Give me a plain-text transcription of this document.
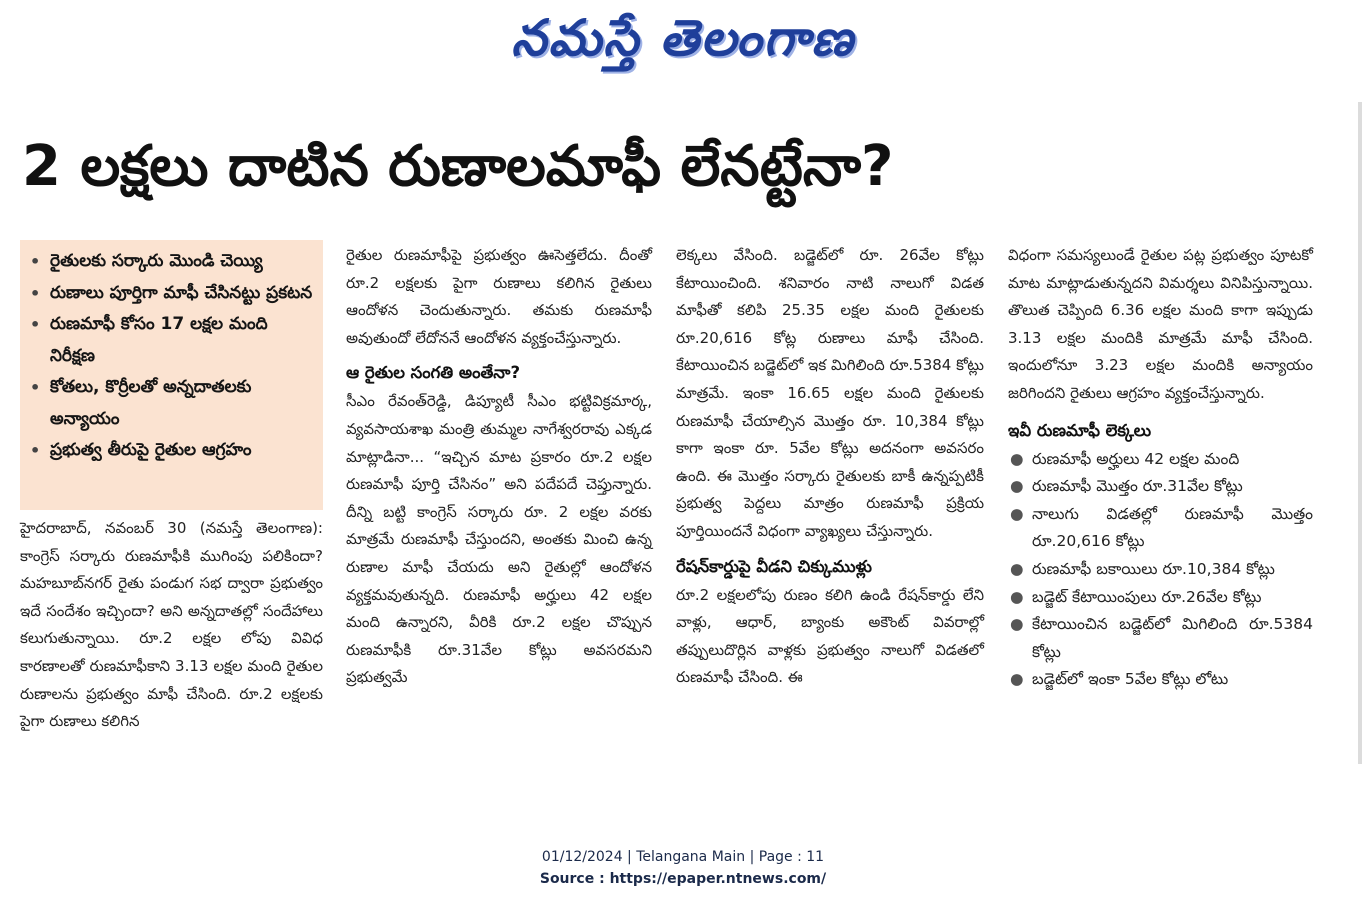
నమస్తే తెలంగాణ
2 లక్షలు దాటిన రుణాలమాఫీ లేనట్టేనా?
• రైతులకు సర్కారు మొండి చెయ్యి
• రుణాలు పూర్తిగా మాఫీ చేసినట్టు ప్రకటన
• రుణమాఫీ కోసం 17 లక్షల మంది నిరీక్షణ
• కోతలు, కొర్రీలతో అన్నదాతలకు అన్యాయం
• ప్రభుత్వ తీరుపై రైతుల ఆగ్రహం

హైదరాబాద్, నవంబర్ 30 (నమస్తే తెలంగాణ): కాంగ్రెస్ సర్కారు రుణమాఫీకి ముగింపు పలికిందా? మహబూబ్‌నగర్ రైతు పండుగ సభ ద్వారా ప్రభుత్వం ఇదే సందేశం ఇచ్చిందా? అని అన్నదాతల్లో సందేహాలు కలుగుతున్నాయి. రూ.2 లక్షల లోపు వివిధ కారణాలతో రుణమాఫీకాని 3.13 లక్షల మంది రైతుల రుణాలను ప్రభుత్వం మాఫీ చేసింది. రూ.2 లక్షలకు పైగా రుణాలు కలిగిన

రైతుల రుణమాఫీపై ప్రభుత్వం ఊసెత్తలేదు. దీంతో రూ.2 లక్షలకు పైగా రుణాలు కలిగిన రైతులు ఆందోళన చెందుతున్నారు. తమకు రుణమాఫీ అవుతుందో లేదోననే ఆందోళన వ్యక్తంచేస్తున్నారు.

ఆ రైతుల సంగతి అంతేనా?

సీఎం రేవంత్‌రెడ్డి, డిప్యూటీ సీఎం భట్టివిక్రమార్క, వ్యవసాయశాఖ మంత్రి తుమ్మల నాగేశ్వరరావు ఎక్కడ మాట్లాడినా... “ఇచ్చిన మాట ప్రకారం రూ.2 లక్షల రుణమాఫీ పూర్తి చేసినం” అని పదేపదే చెప్తున్నారు. దీన్ని బట్టి కాంగ్రెస్ సర్కారు రూ. 2 లక్షల వరకు మాత్రమే రుణమాఫీ చేస్తుందని, అంతకు మించి ఉన్న రుణాల మాఫీ చేయదు అని రైతుల్లో ఆందోళన వ్యక్తమవుతున్నది. రుణమాఫీ అర్హులు 42 లక్షల మంది ఉన్నారని, వీరికి రూ.2 లక్షల చొప్పున రుణమాఫీకి రూ.31వేల కోట్లు అవసరమని ప్రభుత్వమే

లెక్కలు వేసింది. బడ్జెట్‌లో రూ. 26వేల కోట్లు కేటాయించింది. శనివారం నాటి నాలుగో విడత మాఫీతో కలిపి 25.35 లక్షల మంది రైతులకు రూ.20,616 కోట్ల రుణాలు మాఫీ చేసింది. కేటాయించిన బడ్జెట్‌లో ఇక మిగిలింది రూ.5384 కోట్లు మాత్రమే. ఇంకా 16.65 లక్షల మంది రైతులకు రుణమాఫీ చేయాల్సిన మొత్తం రూ. 10,384 కోట్లు కాగా ఇంకా రూ. 5వేల కోట్లు అదనంగా అవసరం ఉంది. ఈ మొత్తం సర్కారు రైతులకు బాకీ ఉన్నప్పటికీ ప్రభుత్వ పెద్దలు మాత్రం రుణమాఫీ ప్రక్రియ పూర్తియిందనే విధంగా వ్యాఖ్యలు చేస్తున్నారు.

రేషన్‌కార్డుపై వీడని చిక్కుముళ్లు

రూ.2 లక్షలలోపు రుణం కలిగి ఉండి రేషన్‌కార్డు లేని వాళ్లు, ఆధార్, బ్యాంకు అకౌంట్ వివరాల్లో తప్పులుదొర్లిన వాళ్లకు ప్రభుత్వం నాలుగో విడతలో రుణమాఫీ చేసింది. ఈ

విధంగా సమస్యలుండే రైతుల పట్ల ప్రభుత్వం పూటకో మాట మాట్లాడుతున్నదని విమర్శలు వినిపిస్తున్నాయి. తొలుత చెప్పింది 6.36 లక్షల మంది కాగా ఇప్పుడు 3.13 లక్షల మందికి మాత్రమే మాఫీ చేసింది. ఇందులోనూ 3.23 లక్షల మందికి అన్యాయం జరిగిందని రైతులు ఆగ్రహం వ్యక్తంచేస్తున్నారు.

ఇవీ రుణమాఫీ లెక్కలు
● రుణమాఫీ అర్హులు 42 లక్షల మంది
● రుణమాఫీ మొత్తం రూ.31వేల కోట్లు
● నాలుగు విడతల్లో రుణమాఫీ మొత్తం రూ.20,616 కోట్లు
● రుణమాఫీ బకాయిలు రూ.10,384 కోట్లు
● బడ్జెట్ కేటాయింపులు రూ.26వేల కోట్లు
● కేటాయించిన బడ్జెట్‌లో మిగిలింది రూ.5384 కోట్లు
● బడ్జెట్‌లో ఇంకా 5వేల కోట్లు లోటు
01/12/2024 | Telangana Main | Page : 11
Source : https://epaper.ntnews.com/
